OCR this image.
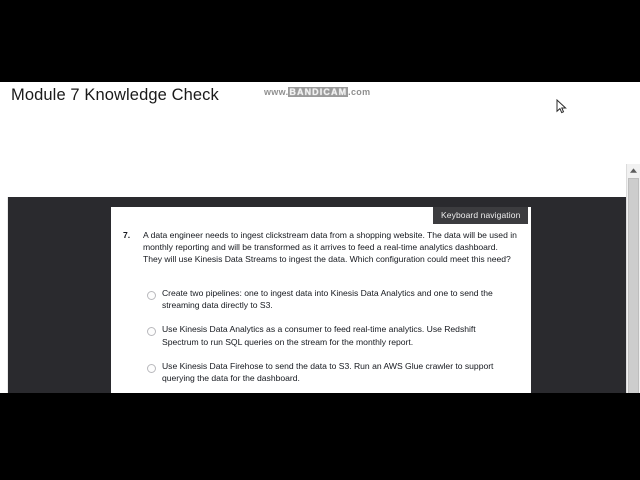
Module 7 Knowledge Check
Keyboard navigation
7.	A data engineer needs to ingest clickstream data from a shopping website. The data will be used in monthly reporting and will be transformed as it arrives to feed a real-time analytics dashboard. They will use Kinesis Data Streams to ingest the data. Which configuration could meet this need?
Create two pipelines: one to ingest data into Kinesis Data Analytics and one to send the streaming data directly to S3.
Use Kinesis Data Analytics as a consumer to feed real-time analytics. Use Redshift Spectrum to run SQL queries on the stream for the monthly report.
Use Kinesis Data Firehose to send the data to S3. Run an AWS Glue crawler to support querying the data for the dashboard.
www.BANDICAM.com
